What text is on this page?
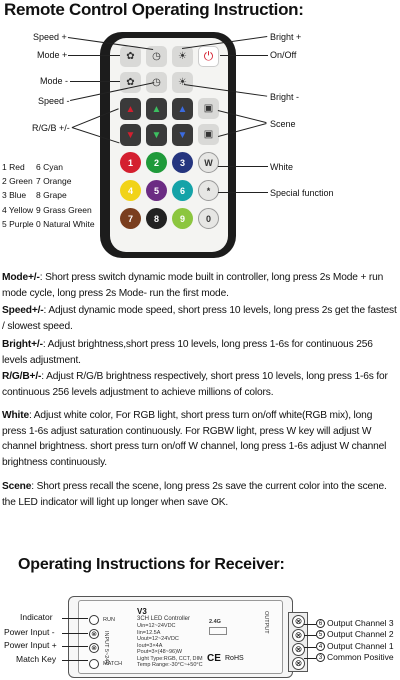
Remote Control Operating Instruction:
✿	◷	☀	⏻
✿	◷	☀
▲	▲	▲	▣
▼	▼	▼	▣
1 2 3 W
4 5 6 *
7 8 9 0
Speed +
Mode +
Mode -
Speed -
R/G/B +/-
Bright +
On/Off
Bright -
Scene
White
Special function
1 Red 6 Cyan
2 Green 7 Orange
3 Blue 8 Grape
4 Yellow 9 Grass Green
5 Purple 0 Natural White
Mode+/-: Short press switch dynamic mode built in controller, long press 2s Mode + run mode cycle, long press 2s Mode- run the first mode.
Speed+/-: Adjust dynamic mode speed, short press 10 levels, long press 2s get the fastest / slowest speed.
Bright+/-: Adjust brightness,short press 10 levels, long press 1-6s for continuous 256 levels adjustment.
R/G/B+/-: Adjust R/G/B brightness respectively, short press 10 levels, long press 1-6s for continuous 256 levels adjustment to achieve millions of colors.
White: Adjust white color, For RGB light, short press turn on/off white(RGB mix), long press 1-6s adjust saturation continuously. For RGBW light, press W key will adjust W channel brightness. short press turn on/off W channel, long press 1-6s adjust W channel brightness continuously.
Scene: Short press recall the scene, long press 2s save the current color into the scene. the LED indicator will light up longer when save OK.
Operating Instructions for Receiver:
⊗
⊗
RUN
MATCH
INPUT 5~24V
V3
3CH LED Controller
Uin=12~24VDC
Iin=12.5A
Uout=12~24VDC
Iout=3×4A
Pout=3×(48~96)W
Light Type:RGB, CCT, DIM
Temp Range:-30°C~+50°C
2.4G
CE RoHS
OUTPUT	⊗
⊗
⊗
⊗
Indicator
Power Input -
Power Input +
Match Key
6 Output Channel 3
5 Output Channel 2
4 Output Channel 1
3 Common Positive
